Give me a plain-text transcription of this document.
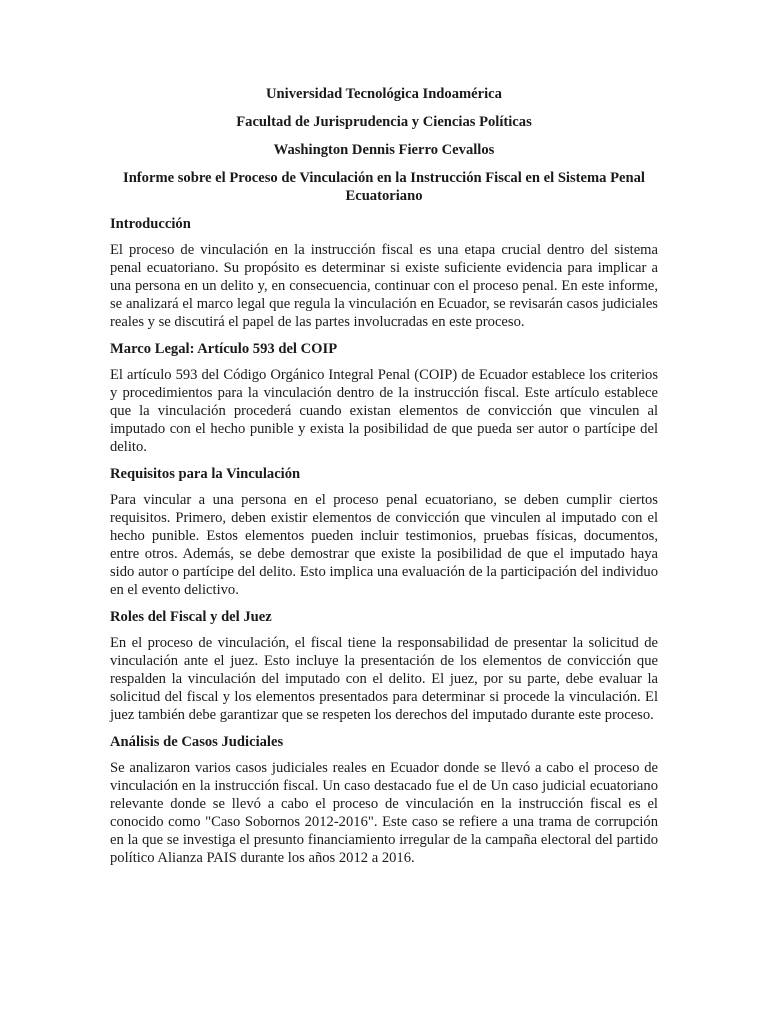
Universidad Tecnológica Indoamérica
Facultad de Jurisprudencia y Ciencias Políticas
Washington Dennis Fierro Cevallos
Informe sobre el Proceso de Vinculación en la Instrucción Fiscal en el Sistema Penal Ecuatoriano
Introducción
El proceso de vinculación en la instrucción fiscal es una etapa crucial dentro del sistema penal ecuatoriano. Su propósito es determinar si existe suficiente evidencia para implicar a una persona en un delito y, en consecuencia, continuar con el proceso penal. En este informe, se analizará el marco legal que regula la vinculación en Ecuador, se revisarán casos judiciales reales y se discutirá el papel de las partes involucradas en este proceso.
Marco Legal: Artículo 593 del COIP
El artículo 593 del Código Orgánico Integral Penal (COIP) de Ecuador establece los criterios y procedimientos para la vinculación dentro de la instrucción fiscal. Este artículo establece que la vinculación procederá cuando existan elementos de convicción que vinculen al imputado con el hecho punible y exista la posibilidad de que pueda ser autor o partícipe del delito.
Requisitos para la Vinculación
Para vincular a una persona en el proceso penal ecuatoriano, se deben cumplir ciertos requisitos. Primero, deben existir elementos de convicción que vinculen al imputado con el hecho punible. Estos elementos pueden incluir testimonios, pruebas físicas, documentos, entre otros. Además, se debe demostrar que existe la posibilidad de que el imputado haya sido autor o partícipe del delito. Esto implica una evaluación de la participación del individuo en el evento delictivo.
Roles del Fiscal y del Juez
En el proceso de vinculación, el fiscal tiene la responsabilidad de presentar la solicitud de vinculación ante el juez. Esto incluye la presentación de los elementos de convicción que respalden la vinculación del imputado con el delito. El juez, por su parte, debe evaluar la solicitud del fiscal y los elementos presentados para determinar si procede la vinculación. El juez también debe garantizar que se respeten los derechos del imputado durante este proceso.
Análisis de Casos Judiciales
Se analizaron varios casos judiciales reales en Ecuador donde se llevó a cabo el proceso de vinculación en la instrucción fiscal. Un caso destacado fue el de Un caso judicial ecuatoriano relevante donde se llevó a cabo el proceso de vinculación en la instrucción fiscal es el conocido como "Caso Sobornos 2012-2016". Este caso se refiere a una trama de corrupción en la que se investiga el presunto financiamiento irregular de la campaña electoral del partido político Alianza PAIS durante los años 2012 a 2016.
